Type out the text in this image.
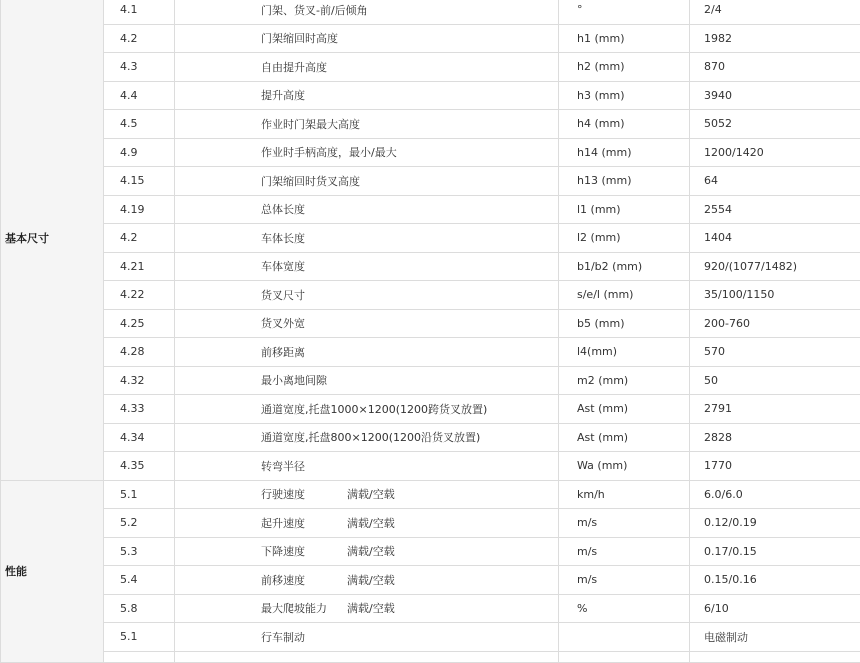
基本尺寸	4.1	门架、货叉-前/后倾角	°	2/4
	4.2	门架缩回时高度	h1 (mm)	1982
	4.3	自由提升高度	h2 (mm)	870
	4.4	提升高度	h3 (mm)	3940
	4.5	作业时门架最大高度	h4 (mm)	5052
	4.9	作业时手柄高度，最小/最大	h14 (mm)	1200/1420
	4.15	门架缩回时货叉高度	h13 (mm)	64
	4.19	总体长度	l1 (mm)	2554
	4.2	车体长度	l2 (mm)	1404
	4.21	车体宽度	b1/b2 (mm)	920/(1077/1482)
	4.22	货叉尺寸	s/e/l (mm)	35/100/1150
	4.25	货叉外宽	b5 (mm)	200-760
	4.28	前移距离	l4(mm)	570
	4.32	最小离地间隙	m2 (mm)	50
	4.33	通道宽度,托盘1000×1200(1200跨货叉放置)	Ast (mm)	2791
	4.34	通道宽度,托盘800×1200(1200沿货叉放置)	Ast (mm)	2828
	4.35	转弯半径	Wa (mm)	1770
性能	5.1	行驶速度 满载/空载	km/h	6.0/6.0
	5.2	起升速度 满载/空载	m/s	0.12/0.19
	5.3	下降速度 满载/空载	m/s	0.17/0.15
	5.4	前移速度 满载/空载	m/s	0.15/0.16
	5.8	最大爬坡能力 满载/空载	%	6/10
	5.1	行车制动		电磁制动
